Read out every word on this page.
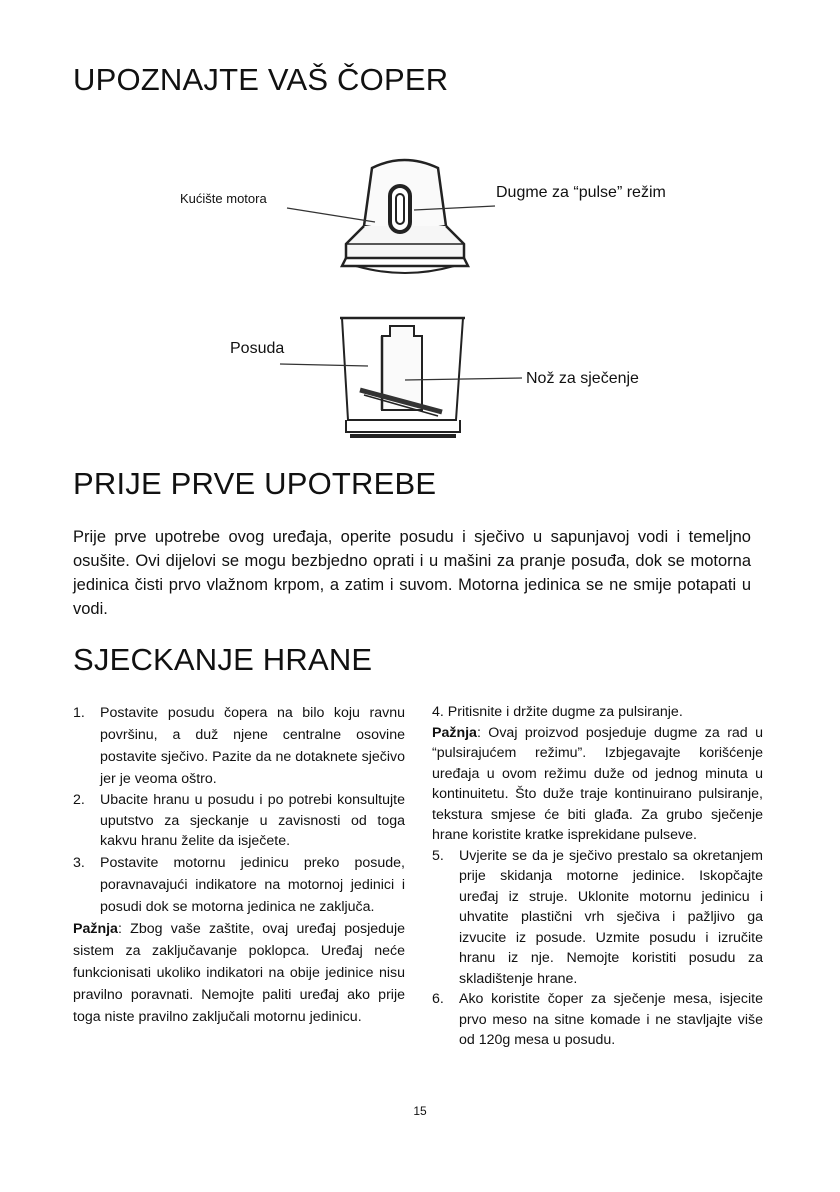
UPOZNAJTE VAŠ ČOPER
Kućište motora	Dugme za “pulse” režim
Posuda
Nož za sječenje
PRIJE PRVE UPOTREBE

Prije prve upotrebe ovog uređaja, operite posudu i sječivo u sapunjavoj vodi i temeljno osušite. Ovi dijelovi se mogu bezbjedno oprati i u mašini za pranje posuđa, dok se motorna jedinica čisti prvo vlažnom krpom, a zatim i suvom. Motorna jedinica se ne smije potapati u vodi.

SJECKANJE HRANE
1. Postavite posudu čopera na bilo koju ravnu površinu, a duž njene centralne osovine postavite sječivo. Pazite da ne dotaknete sječivo jer je veoma oštro.
2. Ubacite hranu u posudu i po potrebi konsultujte uputstvo za sjeckanje u zavisnosti od toga kakvu hranu želite da isječete.
3. Postavite motornu jedinicu preko posude, poravnavajući indikatore na motornoj jedinici i posudi dok se motorna jedinica ne zaključa.

Pažnja: Zbog vaše zaštite, ovaj uređaj posjeduje sistem za zaključavanje poklopca. Uređaj neće funkcionisati ukoliko indikatori na obije jedinice nisu pravilno poravnati. Nemojte paliti uređaj ako prije toga niste pravilno zaključali motornu jedinicu.

4. Pritisnite i držite dugme za pulsiranje.

Pažnja: Ovaj proizvod posjeduje dugme za rad u “pulsirajućem režimu”. Izbjegavajte korišćenje uređaja u ovom režimu duže od jednog minuta u kontinuitetu. Što duže traje kontinuirano pulsiranje, tekstura smjese će biti glađa. Za grubo sječenje hrane koristite kratke isprekidane pulseve.

5. Uvjerite se da je sječivo prestalo sa okretanjem prije skidanja motorne jedinice. Iskopčajte uređaj iz struje. Uklonite motornu jedinicu i uhvatite plastični vrh sječiva i pažljivo ga izvucite iz posude. Uzmite posudu i izručite hranu iz nje. Nemojte koristiti posudu za skladištenje hrane.
6. Ako koristite čoper za sječenje mesa, isjecite prvo meso na sitne komade i ne stavljajte više od 120g mesa u posudu.
15
